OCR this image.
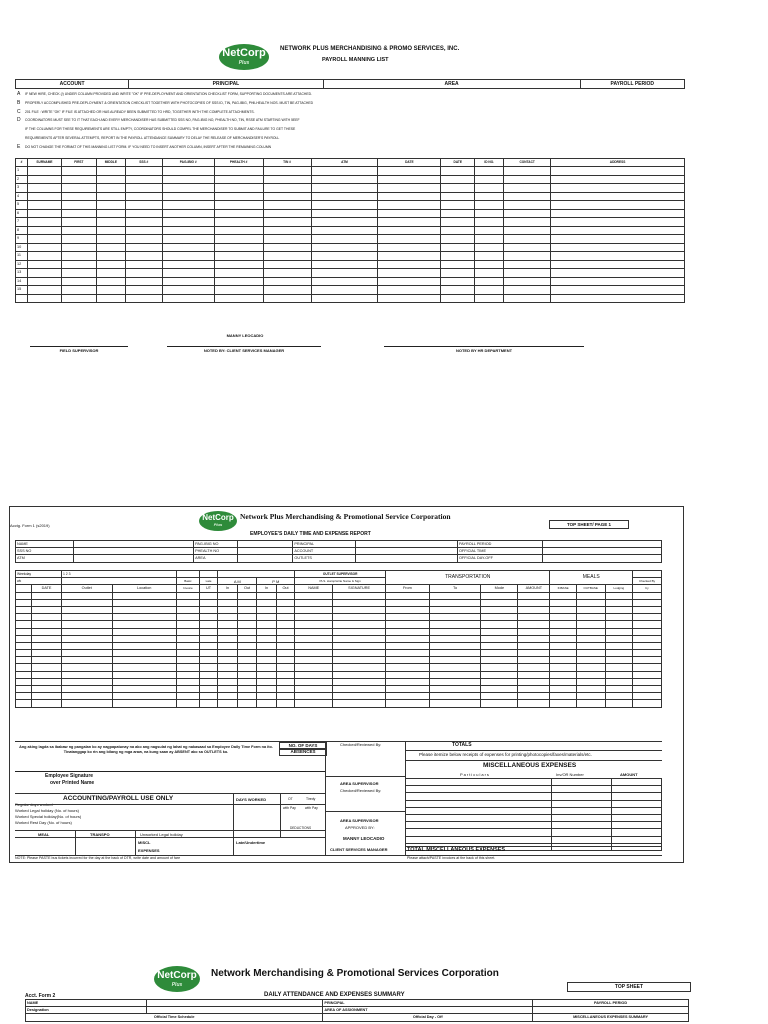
NetCorp
Plus
NETWORK PLUS MERCHANDISING & PROMO SERVICES, INC.
PAYROLL MANNING LIST
ACCOUNT	PRINCIPAL	AREA	PAYROLL PERIOD
A IF NEW HIRE, CHECK (/) UNDER COLUMN PROVIDED AND WRITE "OK" IF PRE-DEPLOYMENT AND ORIENTATION CHECKLIST FORM, SUPPORTING DOCUMENTS ARE ATTACHED.
B PROPERLY ACCOMPLISHED PRE-DEPLOYMENT & ORIENTATION CHECKLIST TOGETHER WITH PHOTOCOPIES OF SSS ID, TIN, PAG-IBIG, PHILHEALTH NOS. MUST BE ATTACHED
C 201 FILE : WRITE "OK" IF FILE IS ATTACHED OR HAS ALREADY BEEN SUBMITTED TO HRD, TOGETHER WITH THE COMPLETE ATTACHMENTS.
D COORDINATORS MUST SEE TO IT THAT EACH AND EVERY MERCHANDISER HAS SUBMITTED SSS NO, PAG-IBIG NO, PHEALTH NO, TIN, RSSE ATM STARTING WITH 5EEF
IF THE COLUMNS FOR THESE REQUIREMENTS ARE STILL EMPTY, COORDINATORS SHOULD COMPEL THE MERCHANDISER TO SUBMIT AND FAILURE TO GET THESE
REQUIREMENTS AFTER SEVERAL ATTEMPTS, REPORT IN THE PAYROLL ATTENDANCE SUMMARY TO DELAY THE RELEASE OF MERCHANDISER'S PAYROLL
E DO NOT CHANGE THE FORMAT OF THIS MANNING LIST FORM. IF YOU NEED TO INSERT ANOTHER COLUMN, INSERT AFTER THE REMAINING COLUMN
#	SURNAME	FIRST	MIDDLE	SSS #	PAG-IBIG #	PHEALTH #	TIN #	ATM	DATE	DATE	ID NO.	CONTACT	ADDRESS
1													
2													
3													
4													
5													
6													
7													
8													
9													
10													
11													
12													
13													
14													
15													

MANNY LEOCADIO
FIELD SUPERVISOR	NOTED BY: CLIENT SERVICES MANAGER	NOTED BY HR DEPARTMENT
NetCorp
Plus
Network Plus Merchandising & Promotional Service Corporation
Acctg. Form 1 (s2019)	TOP SHEET/ PAGE 1
EMPLOYEE'S DAILY TIME AND EXPENSE REPORT
NAME		PAG-IBIG NO		PRINCIPAL		PAYROLL PERIOD	
SSS NO		PHEALTH NO		ACCOUNT		OFFICIAL TIME	
ATM		AREA		OUTLETS		OFFICIAL DAY-OFF	
Weekday		1 2 3								OUTLET SUPERVISOR		TRANSPORTATION				MEALS			
wk				Basic	Late	A M		P M		PLS. stamp/write Name & Sign									Checked By
	DATE	Outlet	Location	Invoice	UT	In	Out	In	Out	NAME	SIGNATURE	From	To	Mode	AMOUNT	INBASE	OUTBASE	Lodging	by

Ang aking lagda sa ibabaw ng pangalan ko ay nagpapatunay na ako ang nagsulat ng lahat ng nakasaad sa Employee Daily Time Form na ito. Tinatanggap ko rin ang bilang ng mga araw, na kung saan ay ABSENT ako sa OUTLETS ko.
NO. OF DAYS
ABSENCES
Checked/Reviewed By:	TOTALS
Please itemize below receipts of expenses for printing/photocopies/faxes/materials/etc.
MISCELLANEOUS EXPENSES
Particulars	Inv/OR Number	AMOUNT

Employee Signature
over Printed Name	AREA SUPERVISOR
Checked/Reviewed By:
ACCOUNTING/PAYROLL USE ONLY	DAYS WORKED	OT	Tiredy
with Pay	with Pay
Regular days worked
Worked Legal holiday (No. of hours)
Worked Special holiday(No. of hours)
Worked Rest Day (No. of hours)
Unworked Legal holiday
MEAL	TRANSPO
MISCL
EXPENSES
Late/Undertime
DEDUCTIONS
AREA SUPERVISOR
APPROVED BY:
MANNY LEOCADIO
CLIENT SERVICES MANAGER	TOTAL MISCELLANEOUS EXPENSES
NOTE: Please PASTE bus tickets incurred for the day at the back of DTR, write date and amount of fare	Please attach/PASTE invoices at the back of this sheet.
NetCorp
Plus
Network Merchandising & Promotional Services Corporation
TOP SHEET
Acct. Form 2	DAILY ATTENDANCE AND EXPENSES SUMMARY
NAME		PRINCIPAL	PAYROLL PERIOD
Designation		AREA OF ASSIGNMENT	
Official Time Schedule		Official Day - Off	MISCELLANEOUS EXPENSES SUMMARY
